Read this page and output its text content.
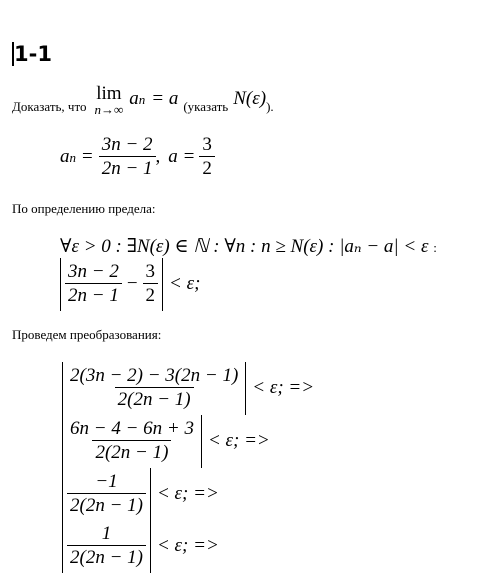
1-1
Доказать, что
lim
n→∞
an = a (указать N(ε) ).
an = $\frac{3n - 2}{2n - 1}$ , $a = \frac{3}{2}$
По определению предела:
∀ε > 0 : ∃N(ε) ∈ ℕ : ∀n : n ≥ N(ε) : |aₙ − a| < ε :
$\frac{3n - 2}{2n - 1} - \frac{3}{2} < \varepsilon$;
Проведем преобразования:
$\frac{2(3n - 2) - 3(2n - 1)}{2(2n - 1)} < \varepsilon$; =>
$\frac{6n - 4 - 6n + 3}{2(2n - 1)} < \varepsilon$; =>
$\frac{-1}{2(2n - 1)} < \varepsilon$; =>
$\frac{1}{2(2n - 1)} < \varepsilon$; =>
